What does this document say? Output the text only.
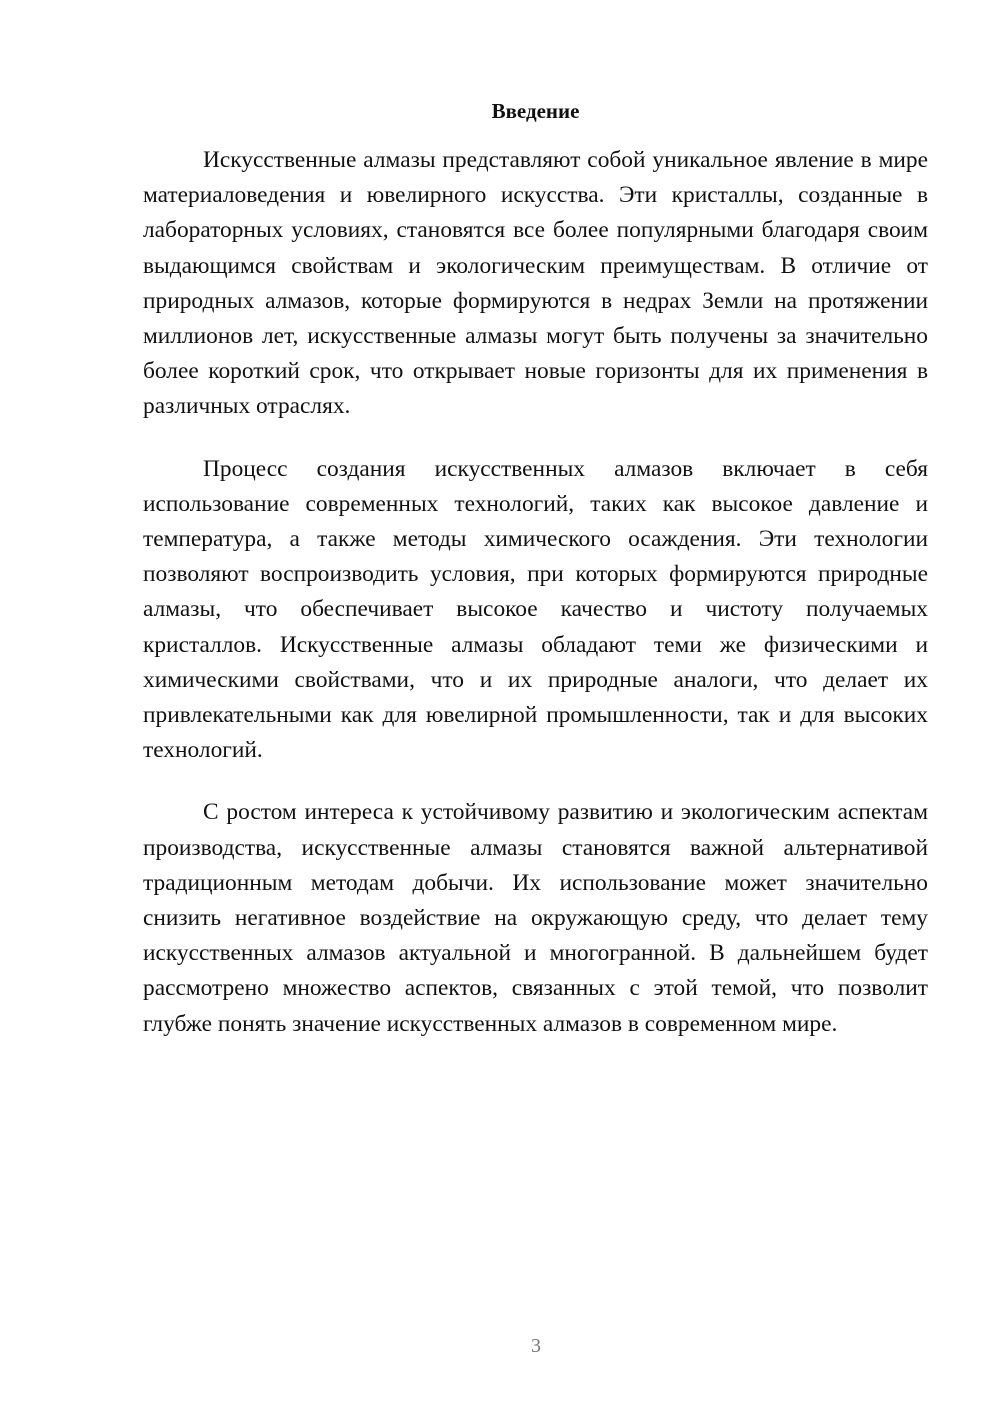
Введение

Искусственные алмазы представляют собой уникальное явление в мире материаловедения и ювелирного искусства. Эти кристаллы, созданные в лабораторных условиях, становятся все более популярными благодаря своим выдающимся свойствам и экологическим преимуществам. В отличие от природных алмазов, которые формируются в недрах Земли на протяжении миллионов лет, искусственные алмазы могут быть получены за значительно более короткий срок, что открывает новые горизонты для их применения в различных отраслях.

Процесс создания искусственных алмазов включает в себя использование современных технологий, таких как высокое давление и температура, а также методы химического осаждения. Эти технологии позволяют воспроизводить условия, при которых формируются природные алмазы, что обеспечивает высокое качество и чистоту получаемых кристаллов. Искусственные алмазы обладают теми же физическими и химическими свойствами, что и их природные аналоги, что делает их привлекательными как для ювелирной промышленности, так и для высоких технологий.

С ростом интереса к устойчивому развитию и экологическим аспектам производства, искусственные алмазы становятся важной альтернативой традиционным методам добычи. Их использование может значительно снизить негативное воздействие на окружающую среду, что делает тему искусственных алмазов актуальной и многогранной. В дальнейшем будет рассмотрено множество аспектов, связанных с этой темой, что позволит глубже понять значение искусственных алмазов в современном мире.

3
